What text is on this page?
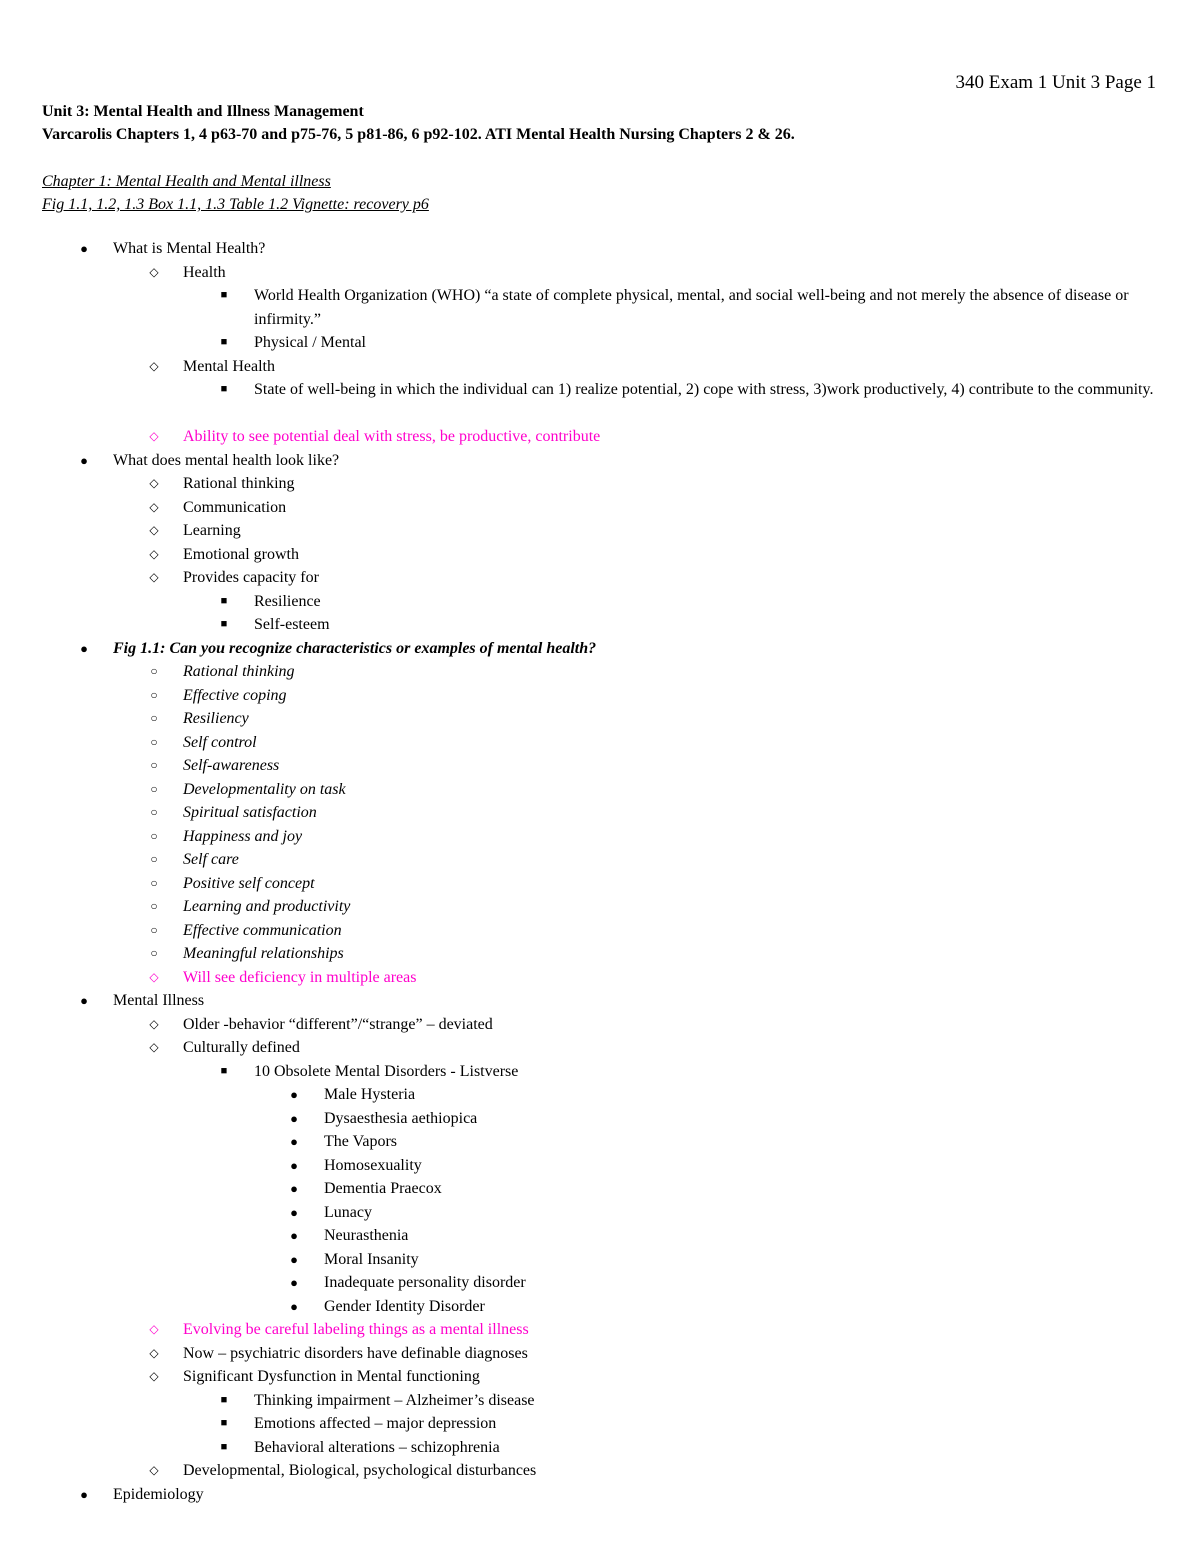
340 Exam 1 Unit 3 Page 1
Unit 3: Mental Health and Illness Management
Varcarolis Chapters 1, 4 p63-70 and p75-76, 5 p81-86, 6 p92-102. ATI Mental Health Nursing Chapters 2 & 26.
Chapter 1: Mental Health and Mental illness
Fig 1.1, 1.2, 1.3 Box 1.1, 1.3 Table 1.2 Vignette: recovery p6
● What is Mental Health?
◇ Health
■ World Health Organization (WHO) “a state of complete physical, mental, and social well-being and not merely the absence of disease or infirmity.”
■ Physical / Mental
◇ Mental Health
■ State of well-being in which the individual can 1) realize potential, 2) cope with stress, 3)work productively, 4) contribute to the community.
◇ Ability to see potential deal with stress, be productive, contribute
● What does mental health look like?
◇ Rational thinking
◇ Communication
◇ Learning
◇ Emotional growth
◇ Provides capacity for
■ Resilience
■ Self-esteem
● Fig 1.1: Can you recognize characteristics or examples of mental health?
○ Rational thinking
○ Effective coping
○ Resiliency
○ Self control
○ Self-awareness
○ Developmentality on task
○ Spiritual satisfaction
○ Happiness and joy
○ Self care
○ Positive self concept
○ Learning and productivity
○ Effective communication
○ Meaningful relationships
◇ Will see deficiency in multiple areas
● Mental Illness
◇ Older -behavior “different”/“strange” – deviated
◇ Culturally defined
■ 10 Obsolete Mental Disorders - Listverse
● Male Hysteria
● Dysaesthesia aethiopica
● The Vapors
● Homosexuality
● Dementia Praecox
● Lunacy
● Neurasthenia
● Moral Insanity
● Inadequate personality disorder
● Gender Identity Disorder
◇ Evolving be careful labeling things as a mental illness
◇ Now – psychiatric disorders have definable diagnoses
◇ Significant Dysfunction in Mental functioning
■ Thinking impairment – Alzheimer’s disease
■ Emotions affected – major depression
■ Behavioral alterations – schizophrenia
◇ Developmental, Biological, psychological disturbances
● Epidemiology
